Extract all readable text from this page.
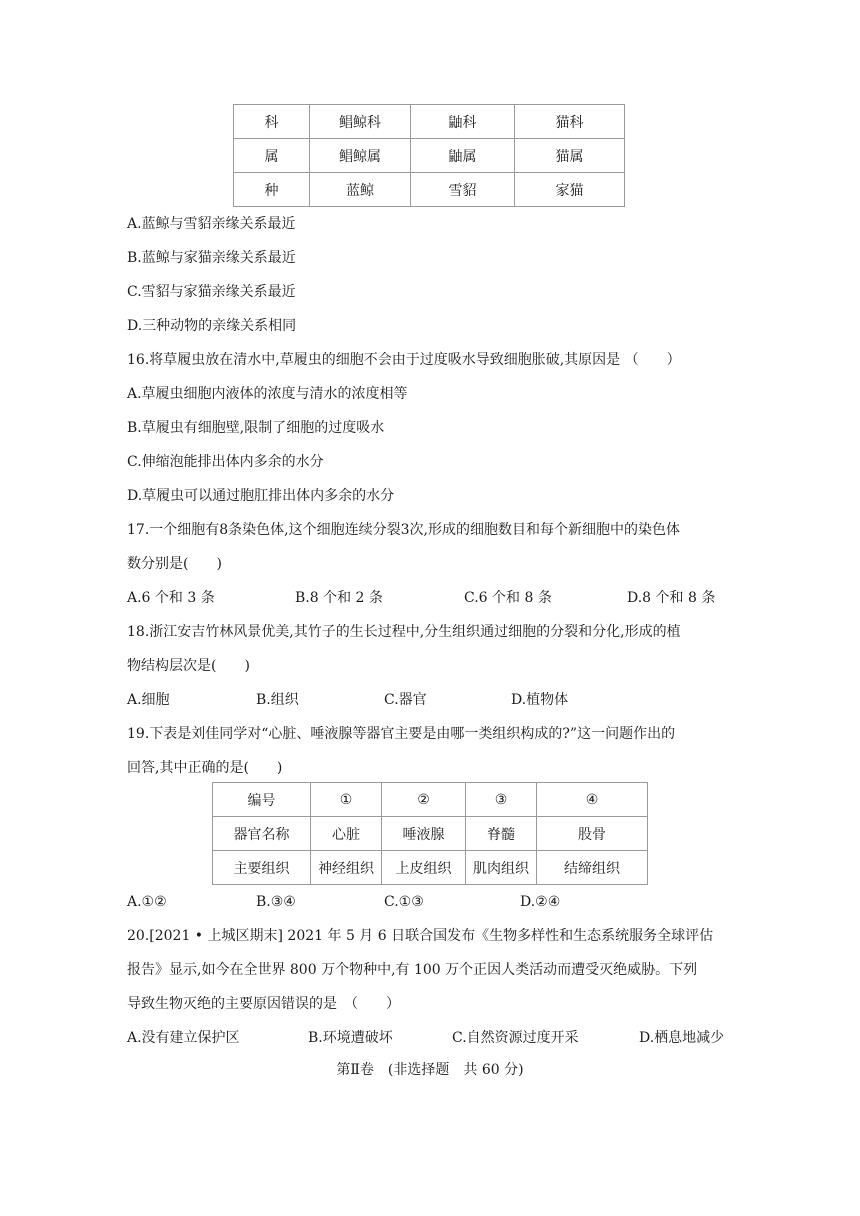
科	鲳鲸科	鼬科	猫科
属	鲳鲸属	鼬属	猫属
种	蓝鲸	雪貂	家猫
A.蓝鲸与雪貂亲缘关系最近
B.蓝鲸与家猫亲缘关系最近
C.雪貂与家猫亲缘关系最近
D.三种动物的亲缘关系相同
16.将草履虫放在清水中,草履虫的细胞不会由于过度吸水导致细胞胀破,其原因是 （　　）
A.草履虫细胞内液体的浓度与清水的浓度相等
B.草履虫有细胞壁,限制了细胞的过度吸水
C.伸缩泡能排出体内多余的水分
D.草履虫可以通过胞肛排出体内多余的水分
17.一个细胞有8条染色体,这个细胞连续分裂3次,形成的细胞数目和每个新细胞中的染色体
数分别是(　　)
A.6 个和 3 条	B.8 个和 2 条	C.6 个和 8 条	D.8 个和 8 条
18.浙江安吉竹林风景优美,其竹子的生长过程中,分生组织通过细胞的分裂和分化,形成的植
物结构层次是(　　)
A.细胞	B.组织	C.器官	D.植物体
19.下表是刘佳同学对“心脏、唾液腺等器官主要是由哪一类组织构成的?”这一问题作出的
回答,其中正确的是(　　)
编号	①	②	③	④
器官名称	心脏	唾液腺	脊髓	股骨
主要组织	神经组织	上皮组织	肌肉组织	结缔组织
A.①②	B.③④	C.①③	D.②④
20.[2021 • 上城区期末] 2021 年 5 月 6 日联合国发布《生物多样性和生态系统服务全球评估
报告》显示,如今在全世界 800 万个物种中,有 100 万个正因人类活动而遭受灭绝威胁。下列
导致生物灭绝的主要原因错误的是　（　　）
A.没有建立保护区	B.环境遭破坏	C.自然资源过度开采	D.栖息地减少
第Ⅱ卷　(非选择题　共 60 分)
